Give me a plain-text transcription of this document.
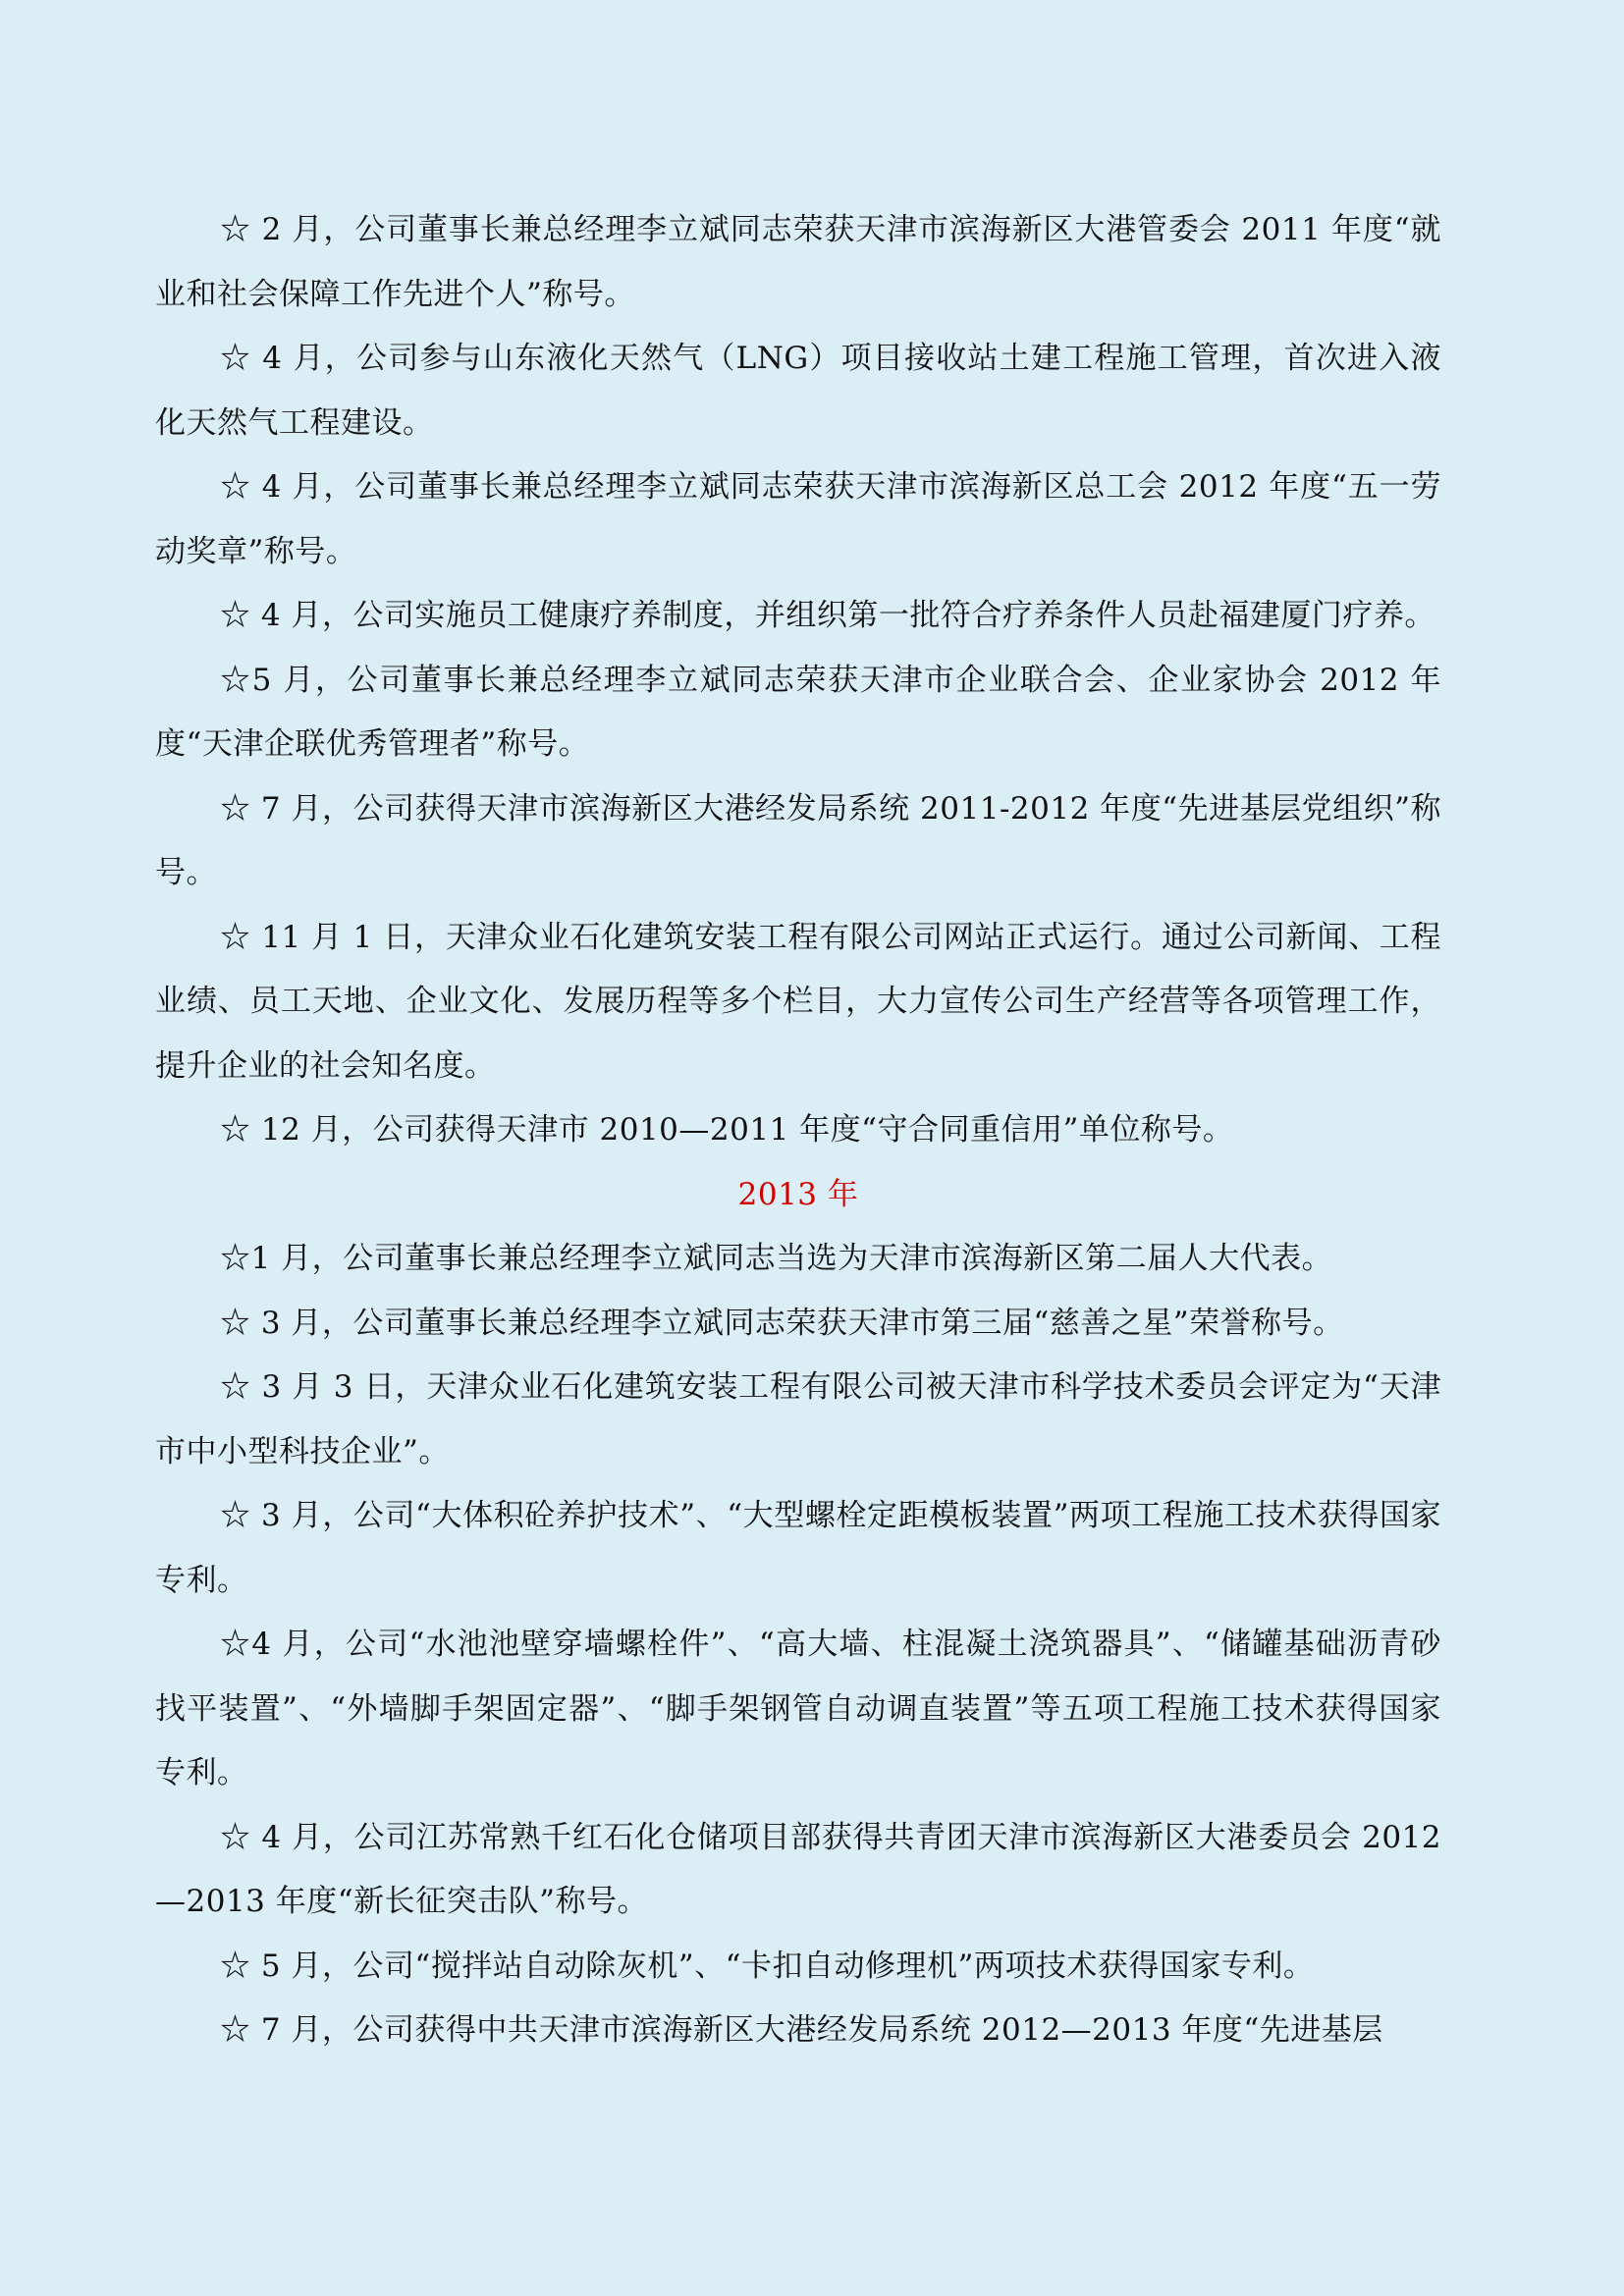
☆ 2 月，公司董事长兼总经理李立斌同志荣获天津市滨海新区大港管委会 2011 年度“就业和社会保障工作先进个人”称号。

☆ 4 月，公司参与山东液化天然气（LNG）项目接收站土建工程施工管理，首次进入液化天然气工程建设。

☆ 4 月，公司董事长兼总经理李立斌同志荣获天津市滨海新区总工会 2012 年度“五一劳动奖章”称号。

☆ 4 月，公司实施员工健康疗养制度，并组织第一批符合疗养条件人员赴福建厦门疗养。

☆5 月，公司董事长兼总经理李立斌同志荣获天津市企业联合会、企业家协会 2012 年度“天津企联优秀管理者”称号。

☆ 7 月，公司获得天津市滨海新区大港经发局系统 2011-2012 年度“先进基层党组织”称号。

☆ 11 月 1 日，天津众业石化建筑安装工程有限公司网站正式运行。通过公司新闻、工程业绩、员工天地、企业文化、发展历程等多个栏目，大力宣传公司生产经营等各项管理工作，提升企业的社会知名度。

☆ 12 月，公司获得天津市 2010—2011 年度“守合同重信用”单位称号。

2013 年

☆1 月，公司董事长兼总经理李立斌同志当选为天津市滨海新区第二届人大代表。

☆ 3 月，公司董事长兼总经理李立斌同志荣获天津市第三届“慈善之星”荣誉称号。

☆ 3 月 3 日，天津众业石化建筑安装工程有限公司被天津市科学技术委员会评定为“天津市中小型科技企业”。

☆ 3 月，公司“大体积砼养护技术”、“大型螺栓定距模板装置”两项工程施工技术获得国家专利。

☆4 月，公司“水池池壁穿墙螺栓件”、“高大墙、柱混凝土浇筑器具”、“储罐基础沥青砂找平装置”、“外墙脚手架固定器”、“脚手架钢管自动调直装置”等五项工程施工技术获得国家专利。

☆ 4 月，公司江苏常熟千红石化仓储项目部获得共青团天津市滨海新区大港委员会 2012—2013 年度“新长征突击队”称号。

☆ 5 月，公司“搅拌站自动除灰机”、“卡扣自动修理机”两项技术获得国家专利。

☆ 7 月，公司获得中共天津市滨海新区大港经发局系统 2012—2013 年度“先进基层
